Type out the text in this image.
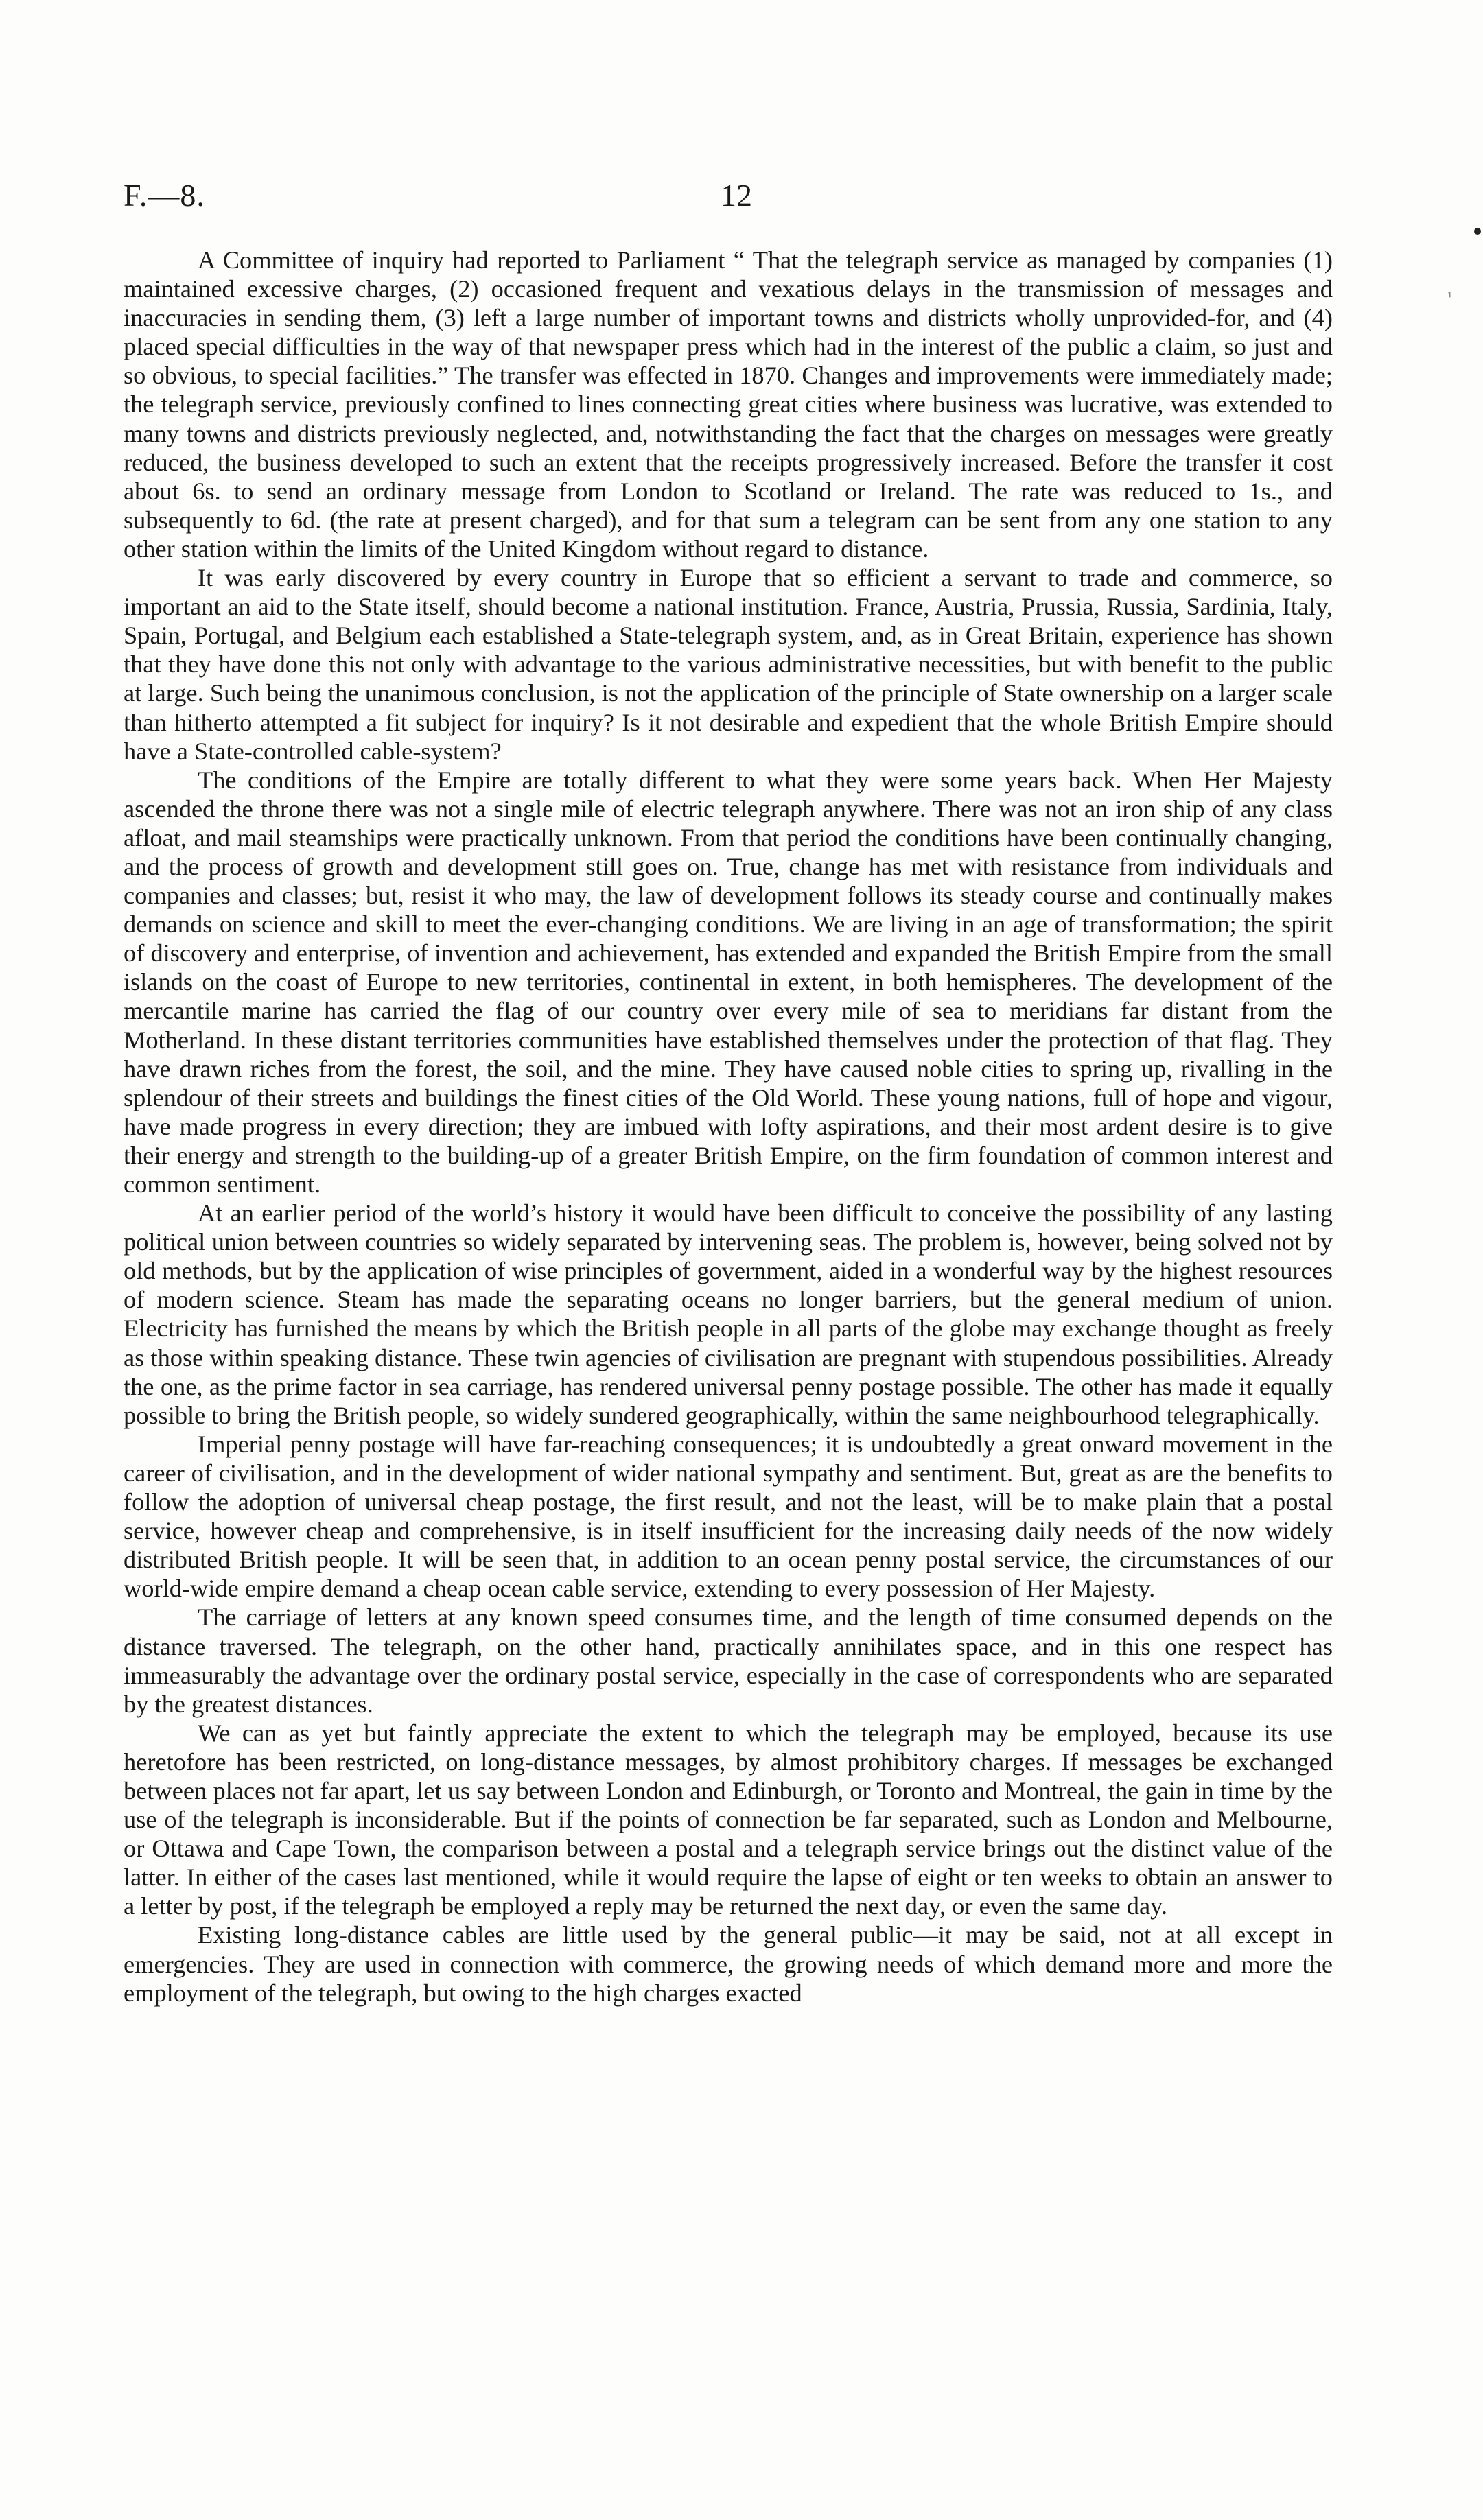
F.—8.	12
′

A Committee of inquiry had reported to Parliament “ That the telegraph service as managed by companies (1) maintained excessive charges, (2) occasioned frequent and vexatious delays in the transmission of messages and inaccuracies in sending them, (3) left a large number of important towns and districts wholly unprovided-for, and (4) placed special difficulties in the way of that newspaper press which had in the interest of the public a claim, so just and so obvious, to special facilities.” The transfer was effected in 1870. Changes and improvements were immediately made; the telegraph service, previously confined to lines connecting great cities where business was lucrative, was extended to many towns and districts previously neglected, and, notwithstanding the fact that the charges on messages were greatly reduced, the business developed to such an extent that the receipts progressively increased. Before the transfer it cost about 6s. to send an ordinary message from London to Scotland or Ireland. The rate was reduced to 1s., and subsequently to 6d. (the rate at present charged), and for that sum a telegram can be sent from any one station to any other station within the limits of the United Kingdom without regard to distance.

It was early discovered by every country in Europe that so efficient a servant to trade and commerce, so important an aid to the State itself, should become a national institution. France, Austria, Prussia, Russia, Sardinia, Italy, Spain, Portugal, and Belgium each established a State-telegraph system, and, as in Great Britain, experience has shown that they have done this not only with advantage to the various administrative necessities, but with benefit to the public at large. Such being the unanimous conclusion, is not the application of the principle of State ownership on a larger scale than hitherto attempted a fit subject for inquiry? Is it not desirable and expedient that the whole British Empire should have a State-controlled cable-system?

The conditions of the Empire are totally different to what they were some years back. When Her Majesty ascended the throne there was not a single mile of electric telegraph anywhere. There was not an iron ship of any class afloat, and mail steamships were practically unknown. From that period the conditions have been continually changing, and the process of growth and development still goes on. True, change has met with resistance from individuals and companies and classes; but, resist it who may, the law of development follows its steady course and continually makes demands on science and skill to meet the ever-changing conditions. We are living in an age of transformation; the spirit of discovery and enterprise, of invention and achievement, has extended and expanded the British Empire from the small islands on the coast of Europe to new territories, continental in extent, in both hemispheres. The development of the mercantile marine has carried the flag of our country over every mile of sea to meridians far distant from the Motherland. In these distant territories communities have established themselves under the protection of that flag. They have drawn riches from the forest, the soil, and the mine. They have caused noble cities to spring up, rivalling in the splendour of their streets and buildings the finest cities of the Old World. These young nations, full of hope and vigour, have made progress in every direction; they are imbued with lofty aspirations, and their most ardent desire is to give their energy and strength to the building-up of a greater British Empire, on the firm foundation of common interest and common sentiment.

At an earlier period of the world’s history it would have been difficult to conceive the possibility of any lasting political union between countries so widely separated by intervening seas. The problem is, however, being solved not by old methods, but by the application of wise principles of government, aided in a wonderful way by the highest resources of modern science. Steam has made the separating oceans no longer barriers, but the general medium of union. Electricity has furnished the means by which the British people in all parts of the globe may exchange thought as freely as those within speaking distance. These twin agencies of civilisation are pregnant with stupendous possibilities. Already the one, as the prime factor in sea carriage, has rendered universal penny postage possible. The other has made it equally possible to bring the British people, so widely sundered geographically, within the same neighbourhood telegraphically.

Imperial penny postage will have far-reaching consequences; it is undoubtedly a great onward movement in the career of civilisation, and in the development of wider national sympathy and sentiment. But, great as are the benefits to follow the adoption of universal cheap postage, the first result, and not the least, will be to make plain that a postal service, however cheap and comprehensive, is in itself insufficient for the increasing daily needs of the now widely distributed British people. It will be seen that, in addition to an ocean penny postal service, the circumstances of our world-wide empire demand a cheap ocean cable service, extending to every possession of Her Majesty.

The carriage of letters at any known speed consumes time, and the length of time consumed depends on the distance traversed. The telegraph, on the other hand, practically annihilates space, and in this one respect has immeasurably the advantage over the ordinary postal service, especially in the case of correspondents who are separated by the greatest distances.

We can as yet but faintly appreciate the extent to which the telegraph may be employed, because its use heretofore has been restricted, on long-distance messages, by almost prohibitory charges. If messages be exchanged between places not far apart, let us say between London and Edinburgh, or Toronto and Montreal, the gain in time by the use of the telegraph is inconsiderable. But if the points of connection be far separated, such as London and Melbourne, or Ottawa and Cape Town, the comparison between a postal and a telegraph service brings out the distinct value of the latter. In either of the cases last mentioned, while it would require the lapse of eight or ten weeks to obtain an answer to a letter by post, if the telegraph be employed a reply may be returned the next day, or even the same day.

Existing long-distance cables are little used by the general public—it may be said, not at all except in emergencies. They are used in connection with commerce, the growing needs of which demand more and more the employment of the telegraph, but owing to the high charges exacted
